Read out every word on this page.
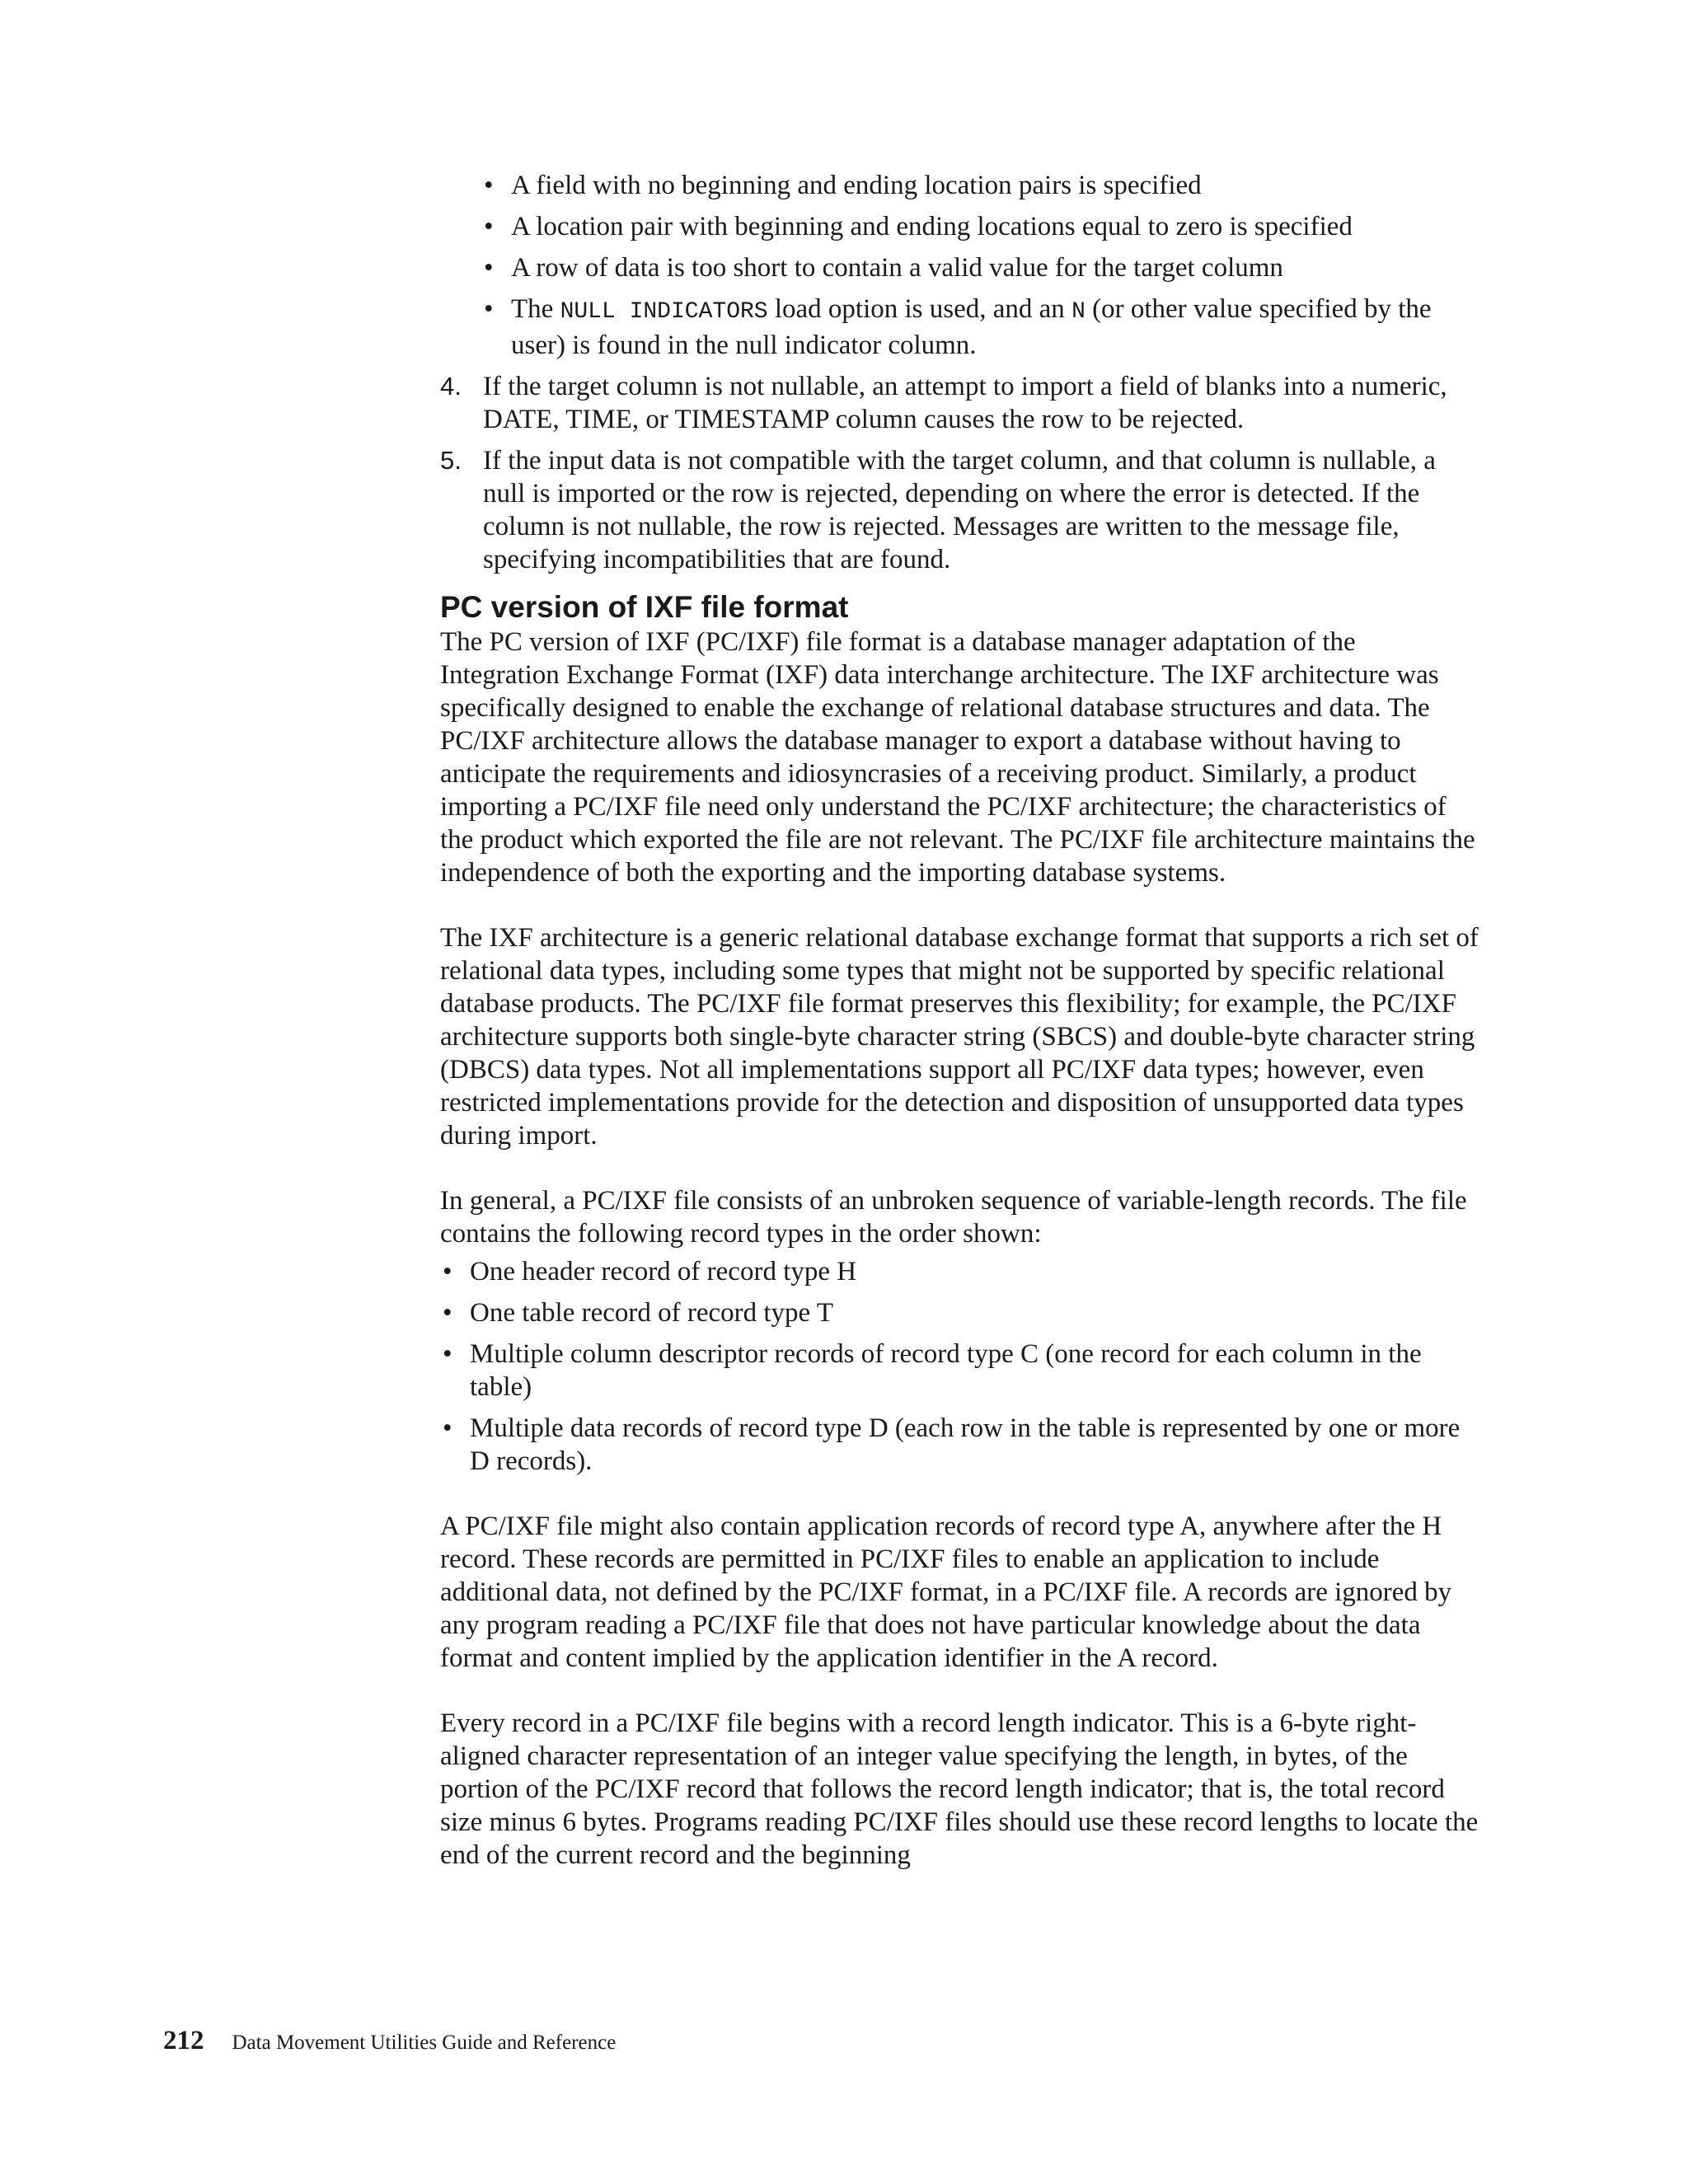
• A field with no beginning and ending location pairs is specified
• A location pair with beginning and ending locations equal to zero is specified
• A row of data is too short to contain a valid value for the target column
• The NULL INDICATORS load option is used, and an N (or other value specified by the user) is found in the null indicator column.
4. If the target column is not nullable, an attempt to import a field of blanks into a numeric, DATE, TIME, or TIMESTAMP column causes the row to be rejected.
5. If the input data is not compatible with the target column, and that column is nullable, a null is imported or the row is rejected, depending on where the error is detected. If the column is not nullable, the row is rejected. Messages are written to the message file, specifying incompatibilities that are found.
PC version of IXF file format

The PC version of IXF (PC/IXF) file format is a database manager adaptation of the Integration Exchange Format (IXF) data interchange architecture. The IXF architecture was specifically designed to enable the exchange of relational database structures and data. The PC/IXF architecture allows the database manager to export a database without having to anticipate the requirements and idiosyncrasies of a receiving product. Similarly, a product importing a PC/IXF file need only understand the PC/IXF architecture; the characteristics of the product which exported the file are not relevant. The PC/IXF file architecture maintains the independence of both the exporting and the importing database systems.

The IXF architecture is a generic relational database exchange format that supports a rich set of relational data types, including some types that might not be supported by specific relational database products. The PC/IXF file format preserves this flexibility; for example, the PC/IXF architecture supports both single-byte character string (SBCS) and double-byte character string (DBCS) data types. Not all implementations support all PC/IXF data types; however, even restricted implementations provide for the detection and disposition of unsupported data types during import.

In general, a PC/IXF file consists of an unbroken sequence of variable-length records. The file contains the following record types in the order shown:

• One header record of record type H
• One table record of record type T
• Multiple column descriptor records of record type C (one record for each column in the table)
• Multiple data records of record type D (each row in the table is represented by one or more D records).

A PC/IXF file might also contain application records of record type A, anywhere after the H record. These records are permitted in PC/IXF files to enable an application to include additional data, not defined by the PC/IXF format, in a PC/IXF file. A records are ignored by any program reading a PC/IXF file that does not have particular knowledge about the data format and content implied by the application identifier in the A record.

Every record in a PC/IXF file begins with a record length indicator. This is a 6-byte right-aligned character representation of an integer value specifying the length, in bytes, of the portion of the PC/IXF record that follows the record length indicator; that is, the total record size minus 6 bytes. Programs reading PC/IXF files should use these record lengths to locate the end of the current record and the beginning

212 Data Movement Utilities Guide and Reference
